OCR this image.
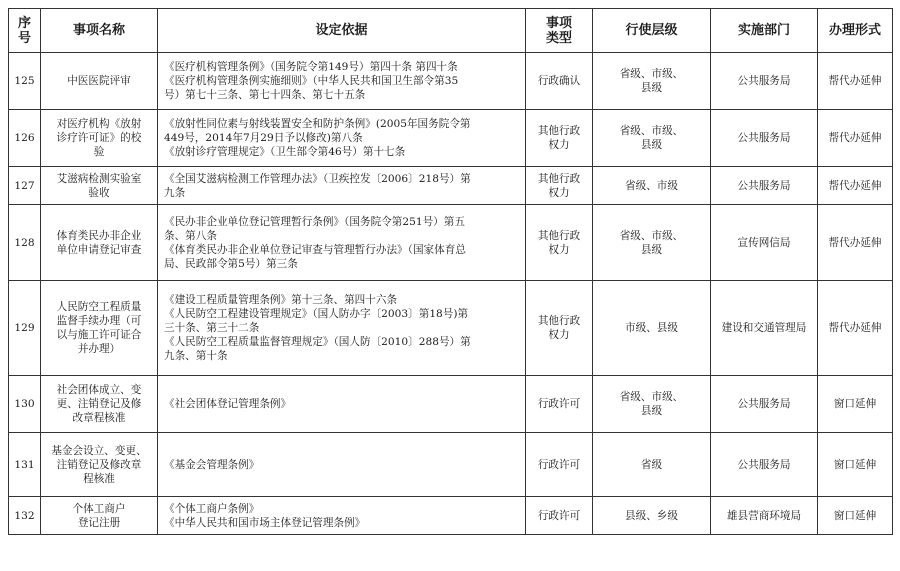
序
号	事项名称	设定依据	事项
类型	行使层级	实施部门	办理形式

125	中医医院评审	《医疗机构管理条例》（国务院令第149号）第四十条 第四十条
《医疗机构管理条例实施细则》（中华人民共和国卫生部令第35
号）第七十三条、第七十四条、第七十五条	行政确认	省级、市级、
县级	公共服务局	帮代办延伸

126	对医疗机构《放射
诊疗许可证》的校
验	《放射性同位素与射线装置安全和防护条例》(2005年国务院令第
449号，2014年7月29日予以修改)第八条
《放射诊疗管理规定》（卫生部令第46号）第十七条	其他行政
权力	省级、市级、
县级	公共服务局	帮代办延伸

127	艾滋病检测实验室
验收	《全国艾滋病检测工作管理办法》（卫疾控发〔2006〕218号）第
九条	其他行政
权力	省级、市级	公共服务局	帮代办延伸

128	体育类民办非企业
单位申请登记审查	《民办非企业单位登记管理暂行条例》（国务院令第251号）第五
条、第八条
《体育类民办非企业单位登记审查与管理暂行办法》（国家体育总
局、民政部令第5号）第三条	其他行政
权力	省级、市级、
县级	宣传网信局	帮代办延伸

129	人民防空工程质量
监督手续办理（可
以与施工许可证合
并办理）	《建设工程质量管理条例》第十三条、第四十六条
《人民防空工程建设管理规定》（国人防办字〔2003〕第18号)第
三十条、第三十二条
《人民防空工程质量监督管理规定》（国人防〔2010〕288号）第
九条、第十条	其他行政
权力	市级、县级	建设和交通管理局	帮代办延伸

130	社会团体成立、变
更、注销登记及修
改章程核准	《社会团体登记管理条例》	行政许可	省级、市级、
县级	公共服务局	窗口延伸

131	基金会设立、变更、
注销登记及修改章
程核准	《基金会管理条例》	行政许可	省级	公共服务局	窗口延伸

132	个体工商户
登记注册	《个体工商户条例》
《中华人民共和国市场主体登记管理条例》	行政许可	县级、乡级	雄县营商环境局	窗口延伸
